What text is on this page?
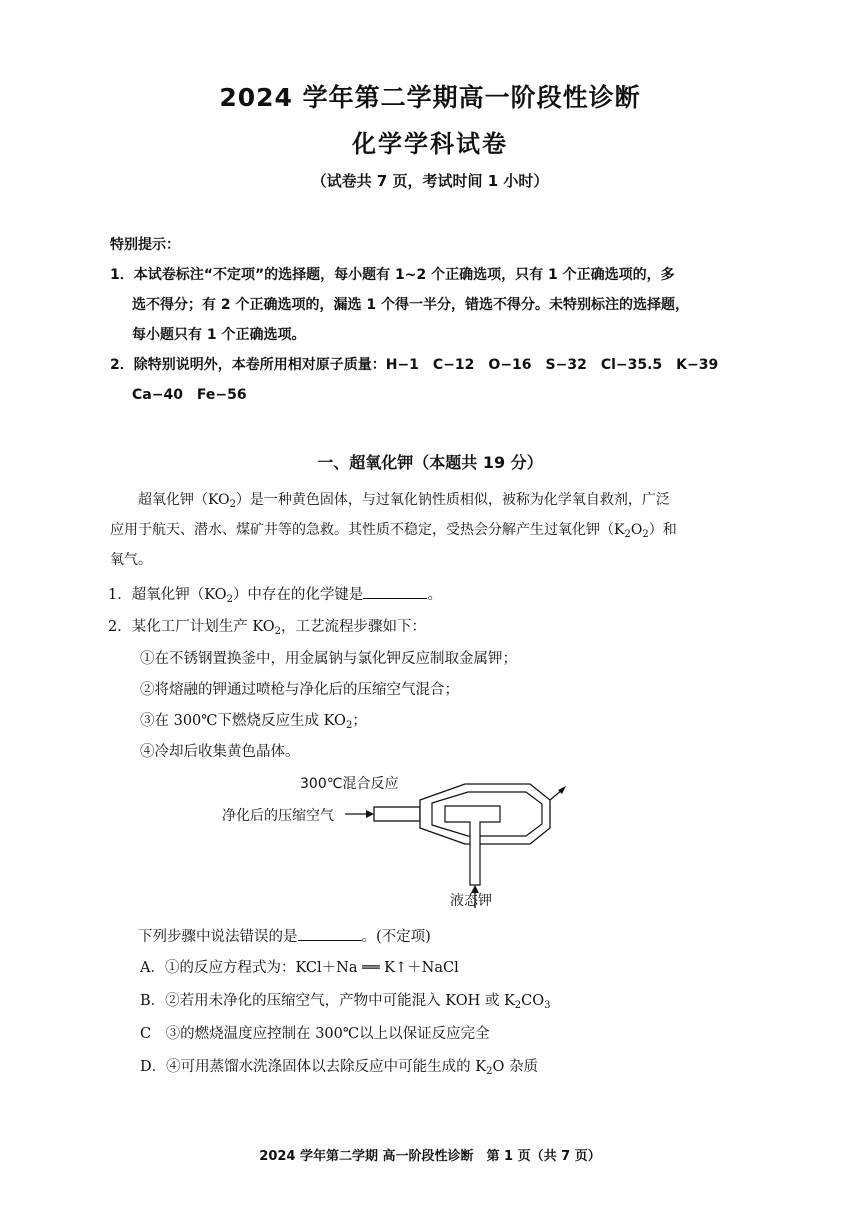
2024 学年第二学期高一阶段性诊断
化学学科试卷
（试卷共 7 页，考试时间 1 小时）
特别提示：
1．本试卷标注“不定项”的选择题，每小题有 1~2 个正确选项，只有 1 个正确选项的，多
选不得分；有 2 个正确选项的，漏选 1 个得一半分，错选不得分。未特别标注的选择题，
每小题只有 1 个正确选项。
2．除特别说明外，本卷所用相对原子质量：H−1　C−12　O−16　S−32　Cl−35.5　K−39
Ca−40　Fe−56
一、超氧化钾（本题共 19 分）
超氧化钾$(KO_2)$是一种黄色固体，与过氧化钠性质相似，被称为化学氧自救剂，广泛
应用于航天、潜水、煤矿井等的急救。其性质不稳定，受热会分解产生过氧化钾$(K_2O_2)$和
氧气。
1．超氧化钾$(KO_2)$中存在的化学键是	。
2．某化工厂计划生产 $KO_2$，工艺流程步骤如下：
①在不锈钢置换釜中，用金属钠与氯化钾反应制取金属钾；
②将熔融的钾通过喷枪与净化后的压缩空气混合；
③在 300℃下燃烧反应生成 $KO_2$；
④冷却后收集黄色晶体。
300℃混合反应
净化后的压缩空气
液态钾
下列步骤中说法错误的是	。(不定项)
A．①的反应方程式为：KCl＋Na ══ K↑＋NaCl
B．②若用未净化的压缩空气，产物中可能混入 KOH 或 $K_2CO_3$
C　③的燃烧温度应控制在 300℃以上以保证反应完全
D．④可用蒸馏水洗涤固体以去除反应中可能生成的 $K_2O$ 杂质
2024 学年第二学期 高一阶段性诊断　第 1 页（共 7 页）
